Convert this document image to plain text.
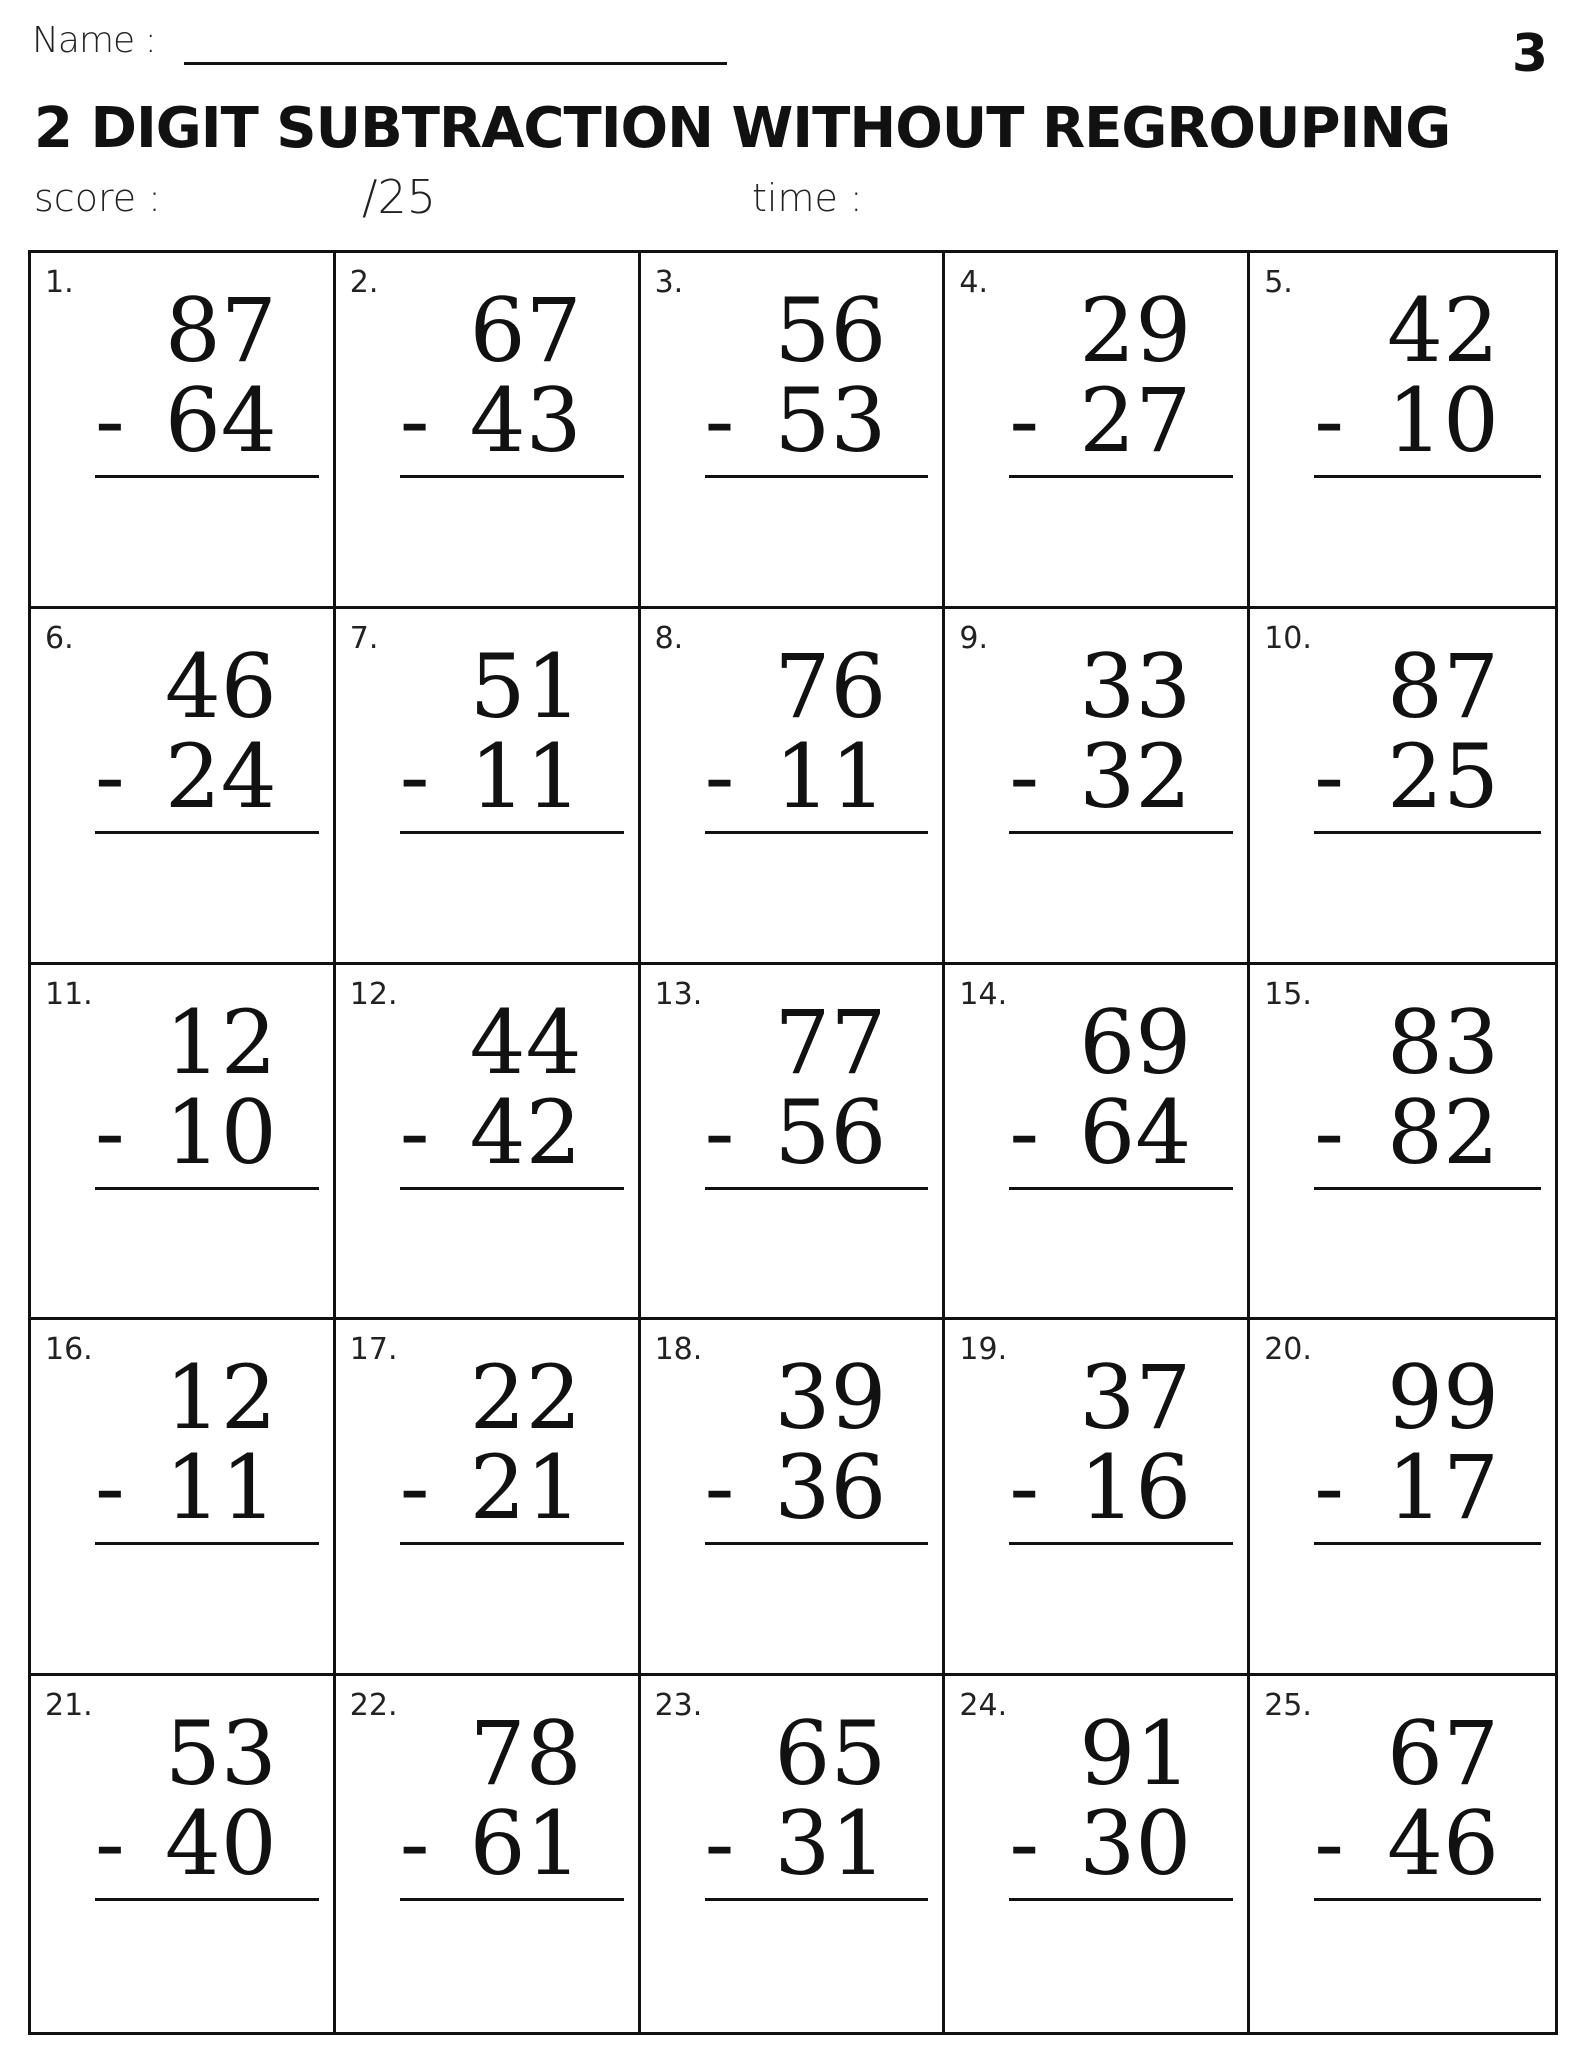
Name :	3
2 DIGIT SUBTRACTION WITHOUT REGROUPING
score :	/25	time :
1. 87
- 64
2. 67
- 43
3. 56
- 53
4. 29
- 27
5. 42
- 10
6. 46
- 24
7. 51
- 11
8. 76
- 11
9. 33
- 32
10. 87
- 25
11. 12
- 10
12. 44
- 42
13. 77
- 56
14. 69
- 64
15. 83
- 82
16. 12
- 11
17. 22
- 21
18. 39
- 36
19. 37
- 16
20. 99
- 17
21. 53
- 40
22. 78
- 61
23. 65
- 31
24. 91
- 30
25. 67
- 46
